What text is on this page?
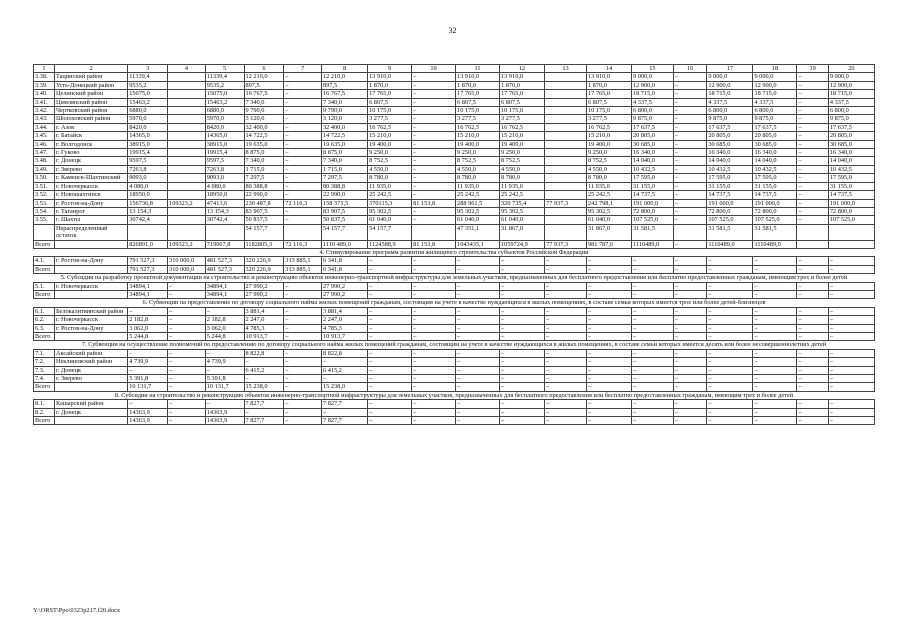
32
1	2	3	4	5	6	7	8	9	10	11	12	13	14	15	16	17	18	19	20
3.38.	Тацинский район	11339,4		11339,4	12 210,0	–	12 210,0	13 910,0	–	13 910,0	13 910,0		13 910,0	9 000,0	–	9 000,0	9 000,0	–	9 000,0
3.39.	Усть-Донецкий район	9535,2		9535,2	897,5	–	897,5	1 870,0	–	1 870,0	1 870,0		1 870,0	12 900,0	–	12 900,0	12 900,0	–	12 900,0
3.40.	Целинский район	15075,0		15075,0	16 767,5	–	16 767,5	17 765,0	–	17 765,0	17 765,0		17 765,0	18 715,0	–	18 715,0	18 715,0	–	18 715,0
3.41.	Цимлянский район	15463,2		15463,2	7 340,0	–	7 340,0	6 807,5	–	6 807,5	6 807,5		6 807,5	4 337,5	–	4 337,5	4 337,5	–	4 337,5
3.42.	Чертковский район	6880,0		6880,0	9 790,0	–	9 790,0	10 175,0	–	10 175,0	10 175,0		10 175,0	6 800,0	–	6 800,0	6 800,0	–	6 800,0
3.43.	Шолоховский район	5970,0		5970,0	3 120,0	–	3 120,0	3 277,5	–	3 277,5	3 277,5		3 277,5	9 875,0	–	9 875,0	9 875,0	–	9 875,0
3.44.	г. Азов	8420,0		8420,0	32 400,0	–	32 400,0	16 762,5	–	16 762,5	16 762,5		16 762,5	17 637,5	–	17 637,5	17 637,5	–	17 637,5
3.45.	г. Батайск	14365,0		14365,0	14 722,5	–	14 722,5	15 210,0	–	15 210,0	15 210,0		15 210,0	20 805,0	–	20 805,0	20 805,0	–	20 805,0
3.46.	г. Волгодонск	38915,0		38915,0	19 635,0	–	19 635,0	19 400,0	–	19 400,0	19 400,0		19 400,0	30 685,0	–	30 685,0	30 685,0	–	30 685,0
3.47.	г. Гуково	19915,4		19915,4	8 875,0	–	8 875,0	9 250,0	–	9 250,0	9 250,0		9 250,0	16 340,0	–	16 340,0	16 340,0	–	16 340,0
3.48.	г. Донецк	9597,5		9597,5	7 340,0	–	7 340,0	8 752,5	–	8 752,5	8 752,5		8 752,5	14 040,0	–	14 040,0	14 040,0	–	14 040,0
3.49.	г. Зверево	7263,8		7263,8	1 715,0	–	1 715,0	4 550,0	–	4 550,0	4 550,0		4 550,0	10 432,5	–	10 432,5	10 432,5	–	10 432,5
3.50.	г. Каменск-Шахтинский	9093,0		9093,0	7 297,5	–	7 297,5	8 780,0	–	8 780,0	8 780,0		8 780,0	17 595,0	–	17 595,0	17 595,0	–	17 595,0
3.51.	г. Новочеркасск	4 080,0		4 080,0	80 388,8	–	80 388,8	11 935,0	–	11 935,0	11 935,0		11 935,0	31 155,0	–	31 155,0	31 155,0	–	31 155,0
3.52.	г. Новошахтинск	18950,0		18950,0	22 990,0	–	22 990,0	25 242,5	–	25 242,5	25 242,5		25 242,5	14 737,5	–	14 737,5	14 737,5	–	14 737,5
3.53.	г. Ростов-на-Дону	156736,8	109323,2	47413,6	230 487,8	72 116,3	158 371,5	370115,3	81 153,8	288 961,5	320 735,4	77 937,3	242 798,1	191 000,0	–	191 000,0	191 000,0	–	191 000,0
3.54.	г. Таганрог	13 154,3		13 154,3	83 907,5	–	83 907,5	95 302,5	–	95 302,5	95 302,5		95 302,5	72 800,0	–	72 800,0	72 800,0	–	72 800,0
3.55.	г. Шахты	30742,4		30742,4	50 837,5	–	50 837,5	61 040,0	–	61 040,0	61 040,0		61 040,0	107 525,0	–	107 525,0	107 525,0	–	107 525,0
	Нераспределенный остаток				54 157,7		54 157,7	54 157,7		47 351,1	31 867,0		31 867,0	31 581,5		31 581,5	31 581,5		
Всего		826891,0	109323,2	719067,8	1182805,3	72 116,3	1110 489,0	1124588,9	81 153,8	1043435,1	1059724,9	77 937,3	981 787,6	1110489,0	–	1110489,0	1110489,0		
4. Стимулирование программ развития жилищного строительства субъектов Российской Федерации																			
4.1.	г. Ростов-на-Дону	791 527,3	310 000,0	481 527,3	320 226,9	313 885,1	6 341,8	–	–	–	–	–	–	–	–	–	–	–	–
Всего		791 527,3	310 000,0	481 527,3	320 226,9	313 885,1	6 341,8	–	–	–	–	–	–	–	–	–	–	–	–
5. Субсидии на разработку проектной документации на строительство и реконструкцию объектов инженерно-транспортной инфраструктуры для земельных участков, предназначенных для бесплатного предоставления или бесплатно предоставленных гражданам, имеющим трех и более детей																			
5.1.	г. Новочеркасск	34894,1	–	34894,1	27 990,2	–	27 990,2	–	–	–	–	–	–	–	–	–	–	–	–
Всего		34894,1	–	34894,1	27 990,2	–	27 990,2	–	–	–	–	–	–	–	–	–	–	–	–
6. Субвенции на предоставление по договору социального найма жилых помещений гражданам, состоящим на учете в качестве нуждающихся в жилых помещениях, в составе семьи которых имеется трое или более детей-близнецов																			
6.1.	Белокалитвинский район	–	–	–	3 881,4	–	3 881,4	–	–	–	–	–	–	–	–	–	–	–	–
6.2.	г. Новочеркасск	2 182,8	–	2 182,8	2 247,0	–	2 247,0	–	–	–	–	–	–	–	–	–	–	–	–
6.3.	г. Ростов-на-Дону	3 062,0	–	3 062,0	4 785,3	–	4 785,3	–	–	–	–	–	–	–	–	–	–	–	–
Всего		5 244,8	–	5 244,8	10 913,7	–	10 913,7	–	–	–	–	–	–	–	–	–	–	–	–
7. Субвенции на осуществление полномочий по предоставлению по договору социального найма жилых помещений гражданам, состоящим на учете в качестве нуждающихся в жилых помещениях, в составе семьи которых имеется десять или более несовершеннолетних детей																			
7.1.	Аксайский район	–	–	–	8 822,8	–	8 822,8	–	–	–	–	–	–	–	–	–	–	–	–
7.2.	Неклиновский район	4 739,9	–	4 739,9	–	–	–	–	–	–	–	–	–	–	–	–	–	–	–
7.3.	г. Донецк	–	–	–	6 415,2	–	6 415,2	–	–	–	–	–	–	–	–	–	–	–	–
7.4.	г. Зверево	5 391,8	–	5 391,8	–	–	–	–	–	–	–	–	–	–	–	–	–	–	–
Всего		10 131,7	–	10 131,7	15 238,0	–	15 238,0	–	–	–	–	–	–	–	–	–	–	–	–
8. Субсидии на строительство и реконструкцию объектов инженерно-транспортной инфраструктуры для земельных участков, предназначенных для бесплатного предоставления или бесплатно предоставленных гражданам, имеющим трех и более детей																			
8.1.	Кашарский район	–	–	–	7 827,7	–	7 827,7	–	–	–	–	–	–	–	–	–	–	–	–
8.2.	г. Донецк	14363,9	–	14363,9	–	–	–	–	–	–	–	–	–	–	–	–	–	–	–
Всего		14363,9	–	14363,9	7 827,7	–	7 827,7	–	–	–	–	–	–	–	–	–	–	–	–
Y:\ORST\Ppo\0323p217.f20.docx
